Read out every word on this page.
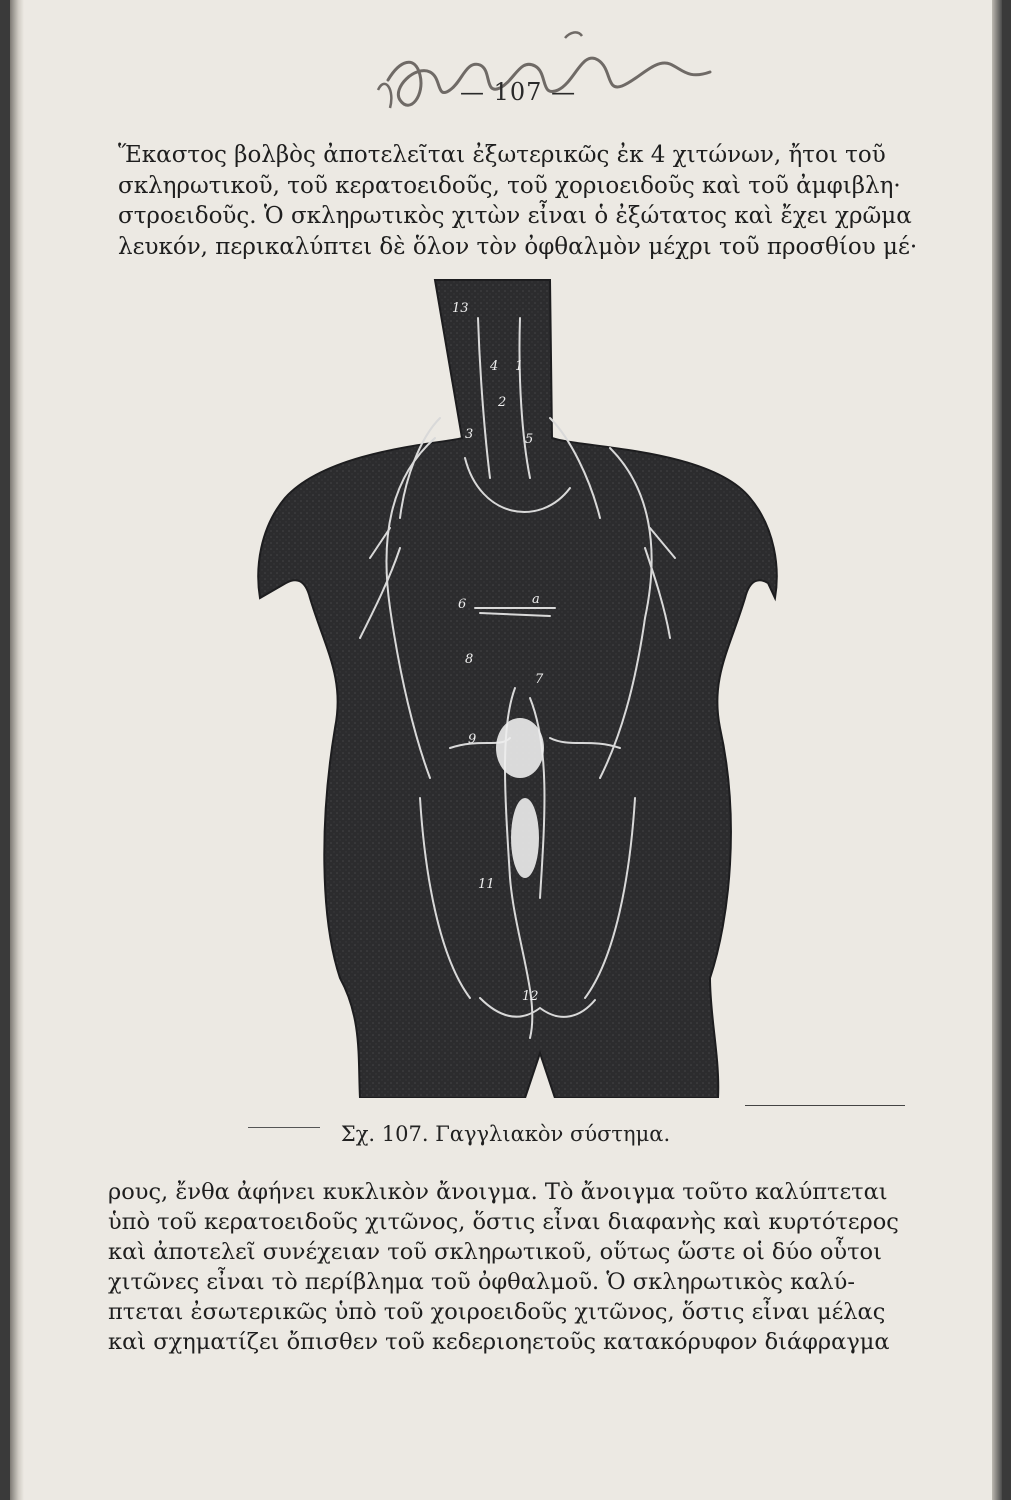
— 107 —
Ἕκαστος βολβὸς ἀποτελεῖται ἐξωτερικῶς ἐκ 4 χιτώνων, ἤτοι τοῦ
σκληρωτικοῦ, τοῦ κερατοειδοῦς, τοῦ χοριοειδοῦς καὶ τοῦ ἀμφιβλη·
στροειδοῦς. Ὁ σκληρωτικὸς χιτὼν εἶναι ὁ ἐξώτατος καὶ ἔχει χρῶμα
λευκόν, περικαλύπτει δὲ ὅλον τὸν ὀφθαλμὸν μέχρι τοῦ προσθίου μέ·
13
4 1
5
3
2
6	a
8
7
9
11
12
Σχ. 107. Γαγγλιακὸν σύστημα.
ρους, ἔνθα ἀφήνει κυκλικὸν ἄνοιγμα. Τὸ ἄνοιγμα τοῦτο καλύπτεται
ὑπὸ τοῦ κερατοειδοῦς χιτῶνος, ὅστις εἶναι διαφανὴς καὶ κυρτότερος
καὶ ἀποτελεῖ συνέχειαν τοῦ σκληρωτικοῦ, οὕτως ὥστε οἱ δύο οὗτοι
χιτῶνες εἶναι τὸ περίβλημα τοῦ ὀφθαλμοῦ. Ὁ σκληρωτικὸς καλύ-
πτεται ἐσωτερικῶς ὑπὸ τοῦ χοιροειδοῦς χιτῶνος, ὅστις εἶναι μέλας
καὶ σχηματίζει ὄπισθεν τοῦ κεδεριοηετοῦς κατακόρυφον διάφραγμα
